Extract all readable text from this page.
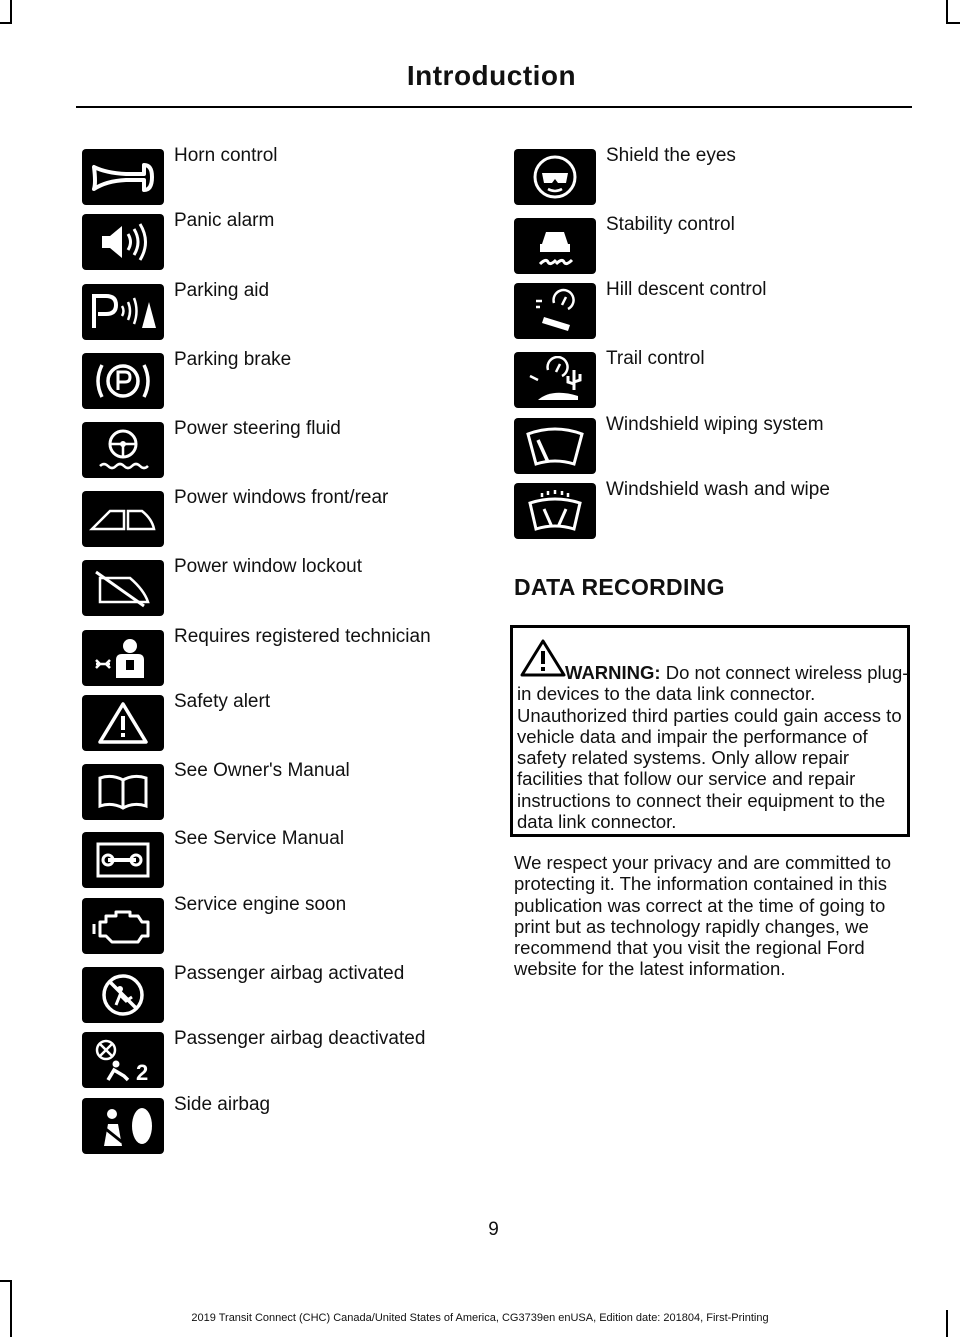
Introduction
Horn control
Panic alarm
Parking aid
Parking brake
Power steering fluid
Power windows front/rear
Power window lockout
Requires registered technician
Safety alert
See Owner's Manual
See Service Manual
Service engine soon
Passenger airbag activated
2
Passenger airbag deactivated
Side airbag
Shield the eyes
Stability control
Hill descent control
Trail control
Windshield wiping system
Windshield wash and wipe
DATA RECORDING
WARNING: Do not connect wireless plug-in devices to the data link connector. Unauthorized third parties could gain access to vehicle data and impair the performance of safety related systems. Only allow repair facilities that follow our service and repair instructions to connect their equipment to the data link connector.
We respect your privacy and are committed to protecting it. The information contained in this publication was correct at the time of going to print but as technology rapidly changes, we recommend that you visit the regional Ford website for the latest information.
9
2019 Transit Connect (CHC) Canada/United States of America, CG3739en enUSA, Edition date: 201804, First-Printing
